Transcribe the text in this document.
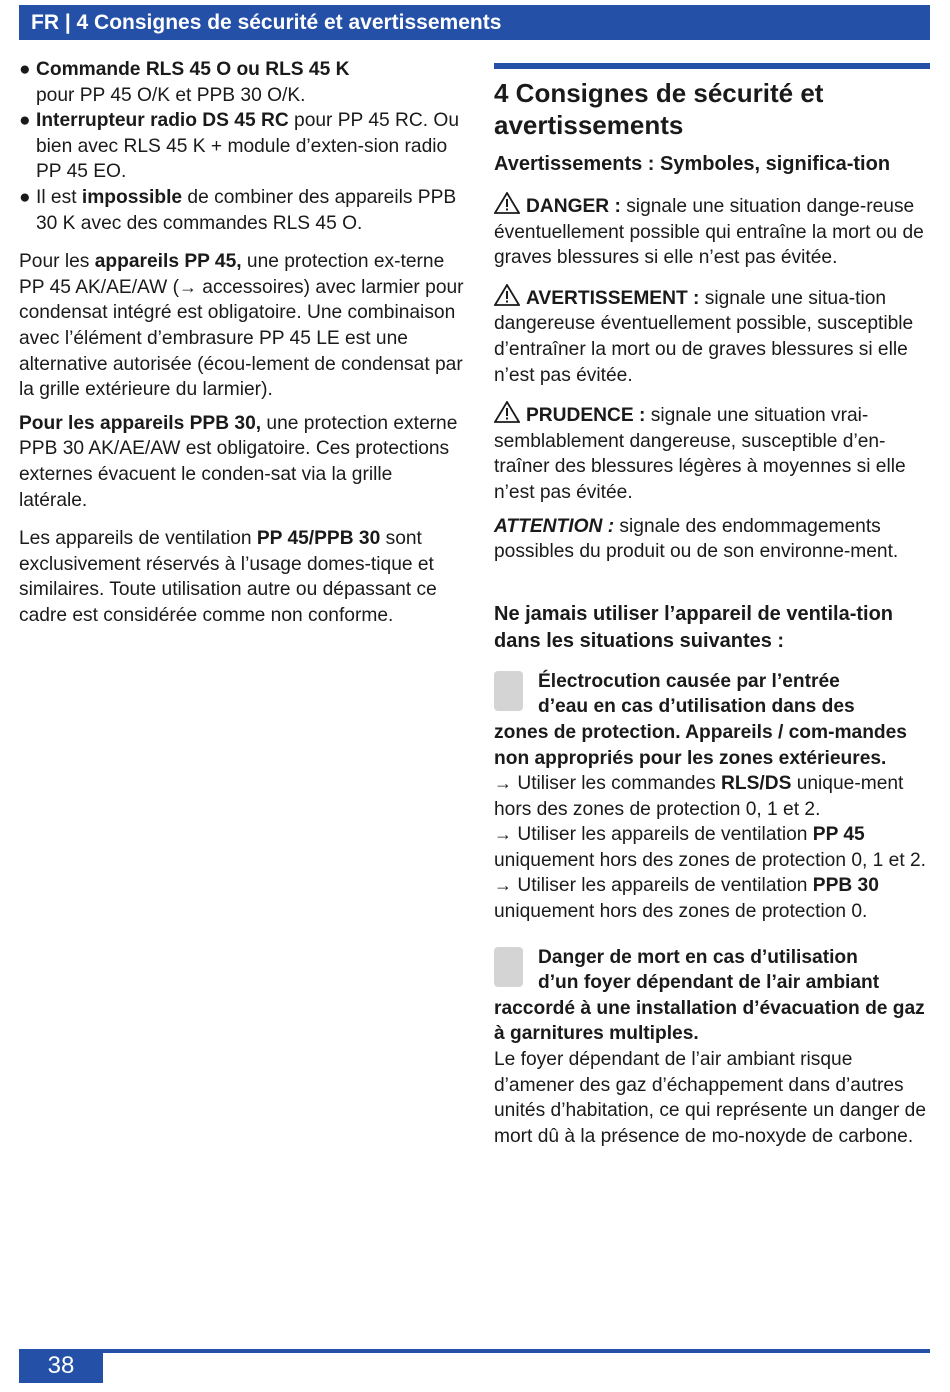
FR | 4 Consignes de sécurité et avertissements
● Commande RLS 45 O ou RLS 45 K
pour PP 45 O/K et PPB 30 O/K.
● Interrupteur radio DS 45 RC pour PP 45 RC. Ou bien avec RLS 45 K + module d’exten-sion radio PP 45 EO.
● Il est impossible de combiner des appareils PPB 30 K avec des commandes RLS 45 O.

Pour les appareils PP 45, une protection ex-terne PP 45 AK/AE/AW (→ accessoires) avec larmier pour condensat intégré est obligatoire. Une combinaison avec l’élément d’embrasure PP 45 LE est une alternative autorisée (écou-lement de condensat par la grille extérieure du larmier).

Pour les appareils PPB 30, une protection externe PPB 30 AK/AE/AW est obligatoire. Ces protections externes évacuent le conden-sat via la grille latérale.

Les appareils de ventilation PP 45/PPB 30 sont exclusivement réservés à l’usage domes-tique et similaires. Toute utilisation autre ou dépassant ce cadre est considérée comme non conforme.

4 Consignes de sécurité et avertissements
Avertissements : Symboles, significa-tion

DANGER : signale une situation dange-reuse éventuellement possible qui entraîne la mort ou de graves blessures si elle n’est pas évitée.

AVERTISSEMENT : signale une situa-tion dangereuse éventuellement possible, susceptible d’entraîner la mort ou de graves blessures si elle n’est pas évitée.

PRUDENCE : signale une situation vrai-semblablement dangereuse, susceptible d’en-traîner des blessures légères à moyennes si elle n’est pas évitée.

ATTENTION : signale des endommagements possibles du produit ou de son environne-ment.

Ne jamais utiliser l’appareil de ventila-tion dans les situations suivantes :
Électrocution causée par l’entrée
d’eau en cas d’utilisation dans des
zones de protection. Appareils / com-mandes non appropriés pour les zones extérieures.
→ Utiliser les commandes RLS/DS unique-ment hors des zones de protection 0, 1 et 2.
→ Utiliser les appareils de ventilation PP 45 uniquement hors des zones de protection 0, 1 et 2.
→ Utiliser les appareils de ventilation PPB 30 uniquement hors des zones de protection 0.
Danger de mort en cas d’utilisation
d’un foyer dépendant de l’air ambiant
raccordé à une installation d’évacuation de gaz à garnitures multiples.
Le foyer dépendant de l’air ambiant risque d’amener des gaz d’échappement dans d’autres unités d’habitation, ce qui représente un danger de mort dû à la présence de mo-noxyde de carbone.
38
